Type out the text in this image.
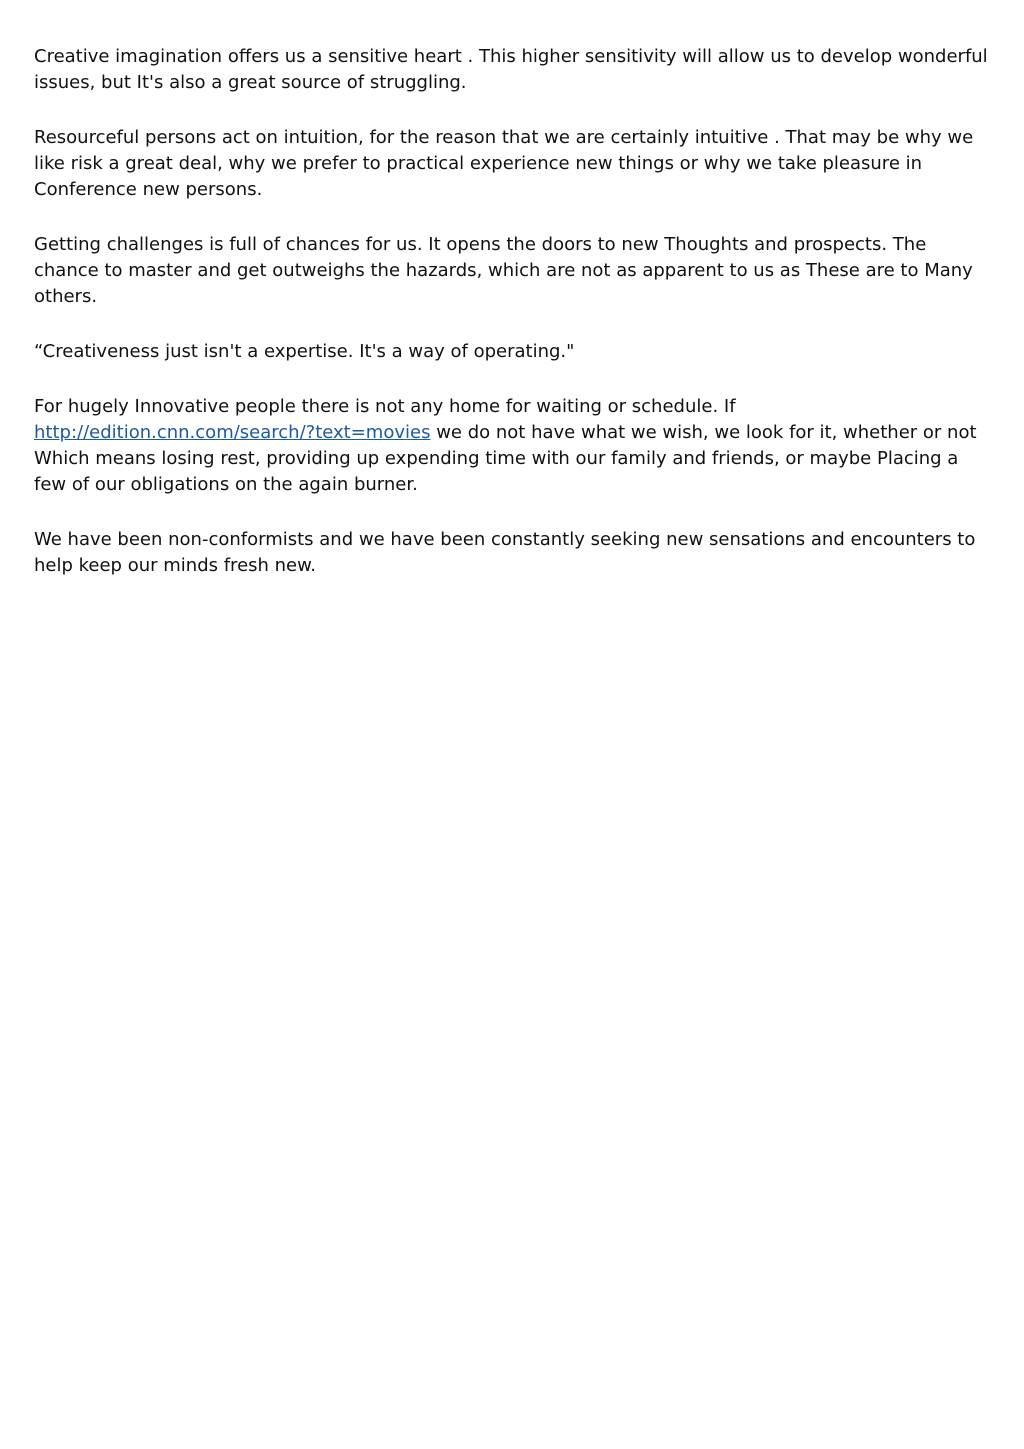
Creative imagination offers us a sensitive heart . This higher sensitivity will allow us to develop wonderful issues, but It's also a great source of struggling.

Resourceful persons act on intuition, for the reason that we are certainly intuitive . That may be why we like risk a great deal, why we prefer to practical experience new things or why we take pleasure in Conference new persons.

Getting challenges is full of chances for us. It opens the doors to new Thoughts and prospects. The chance to master and get outweighs the hazards, which are not as apparent to us as These are to Many others.

“Creativeness just isn't a expertise. It's a way of operating."

For hugely Innovative people there is not any home for waiting or schedule. If
http://edition.cnn.com/search/?text=movies we do not have what we wish, we look for it, whether or not Which means losing rest, providing up expending time with our family and friends, or maybe Placing a few of our obligations on the again burner.

We have been non-conformists and we have been constantly seeking new sensations and encounters to help keep our minds fresh new.
